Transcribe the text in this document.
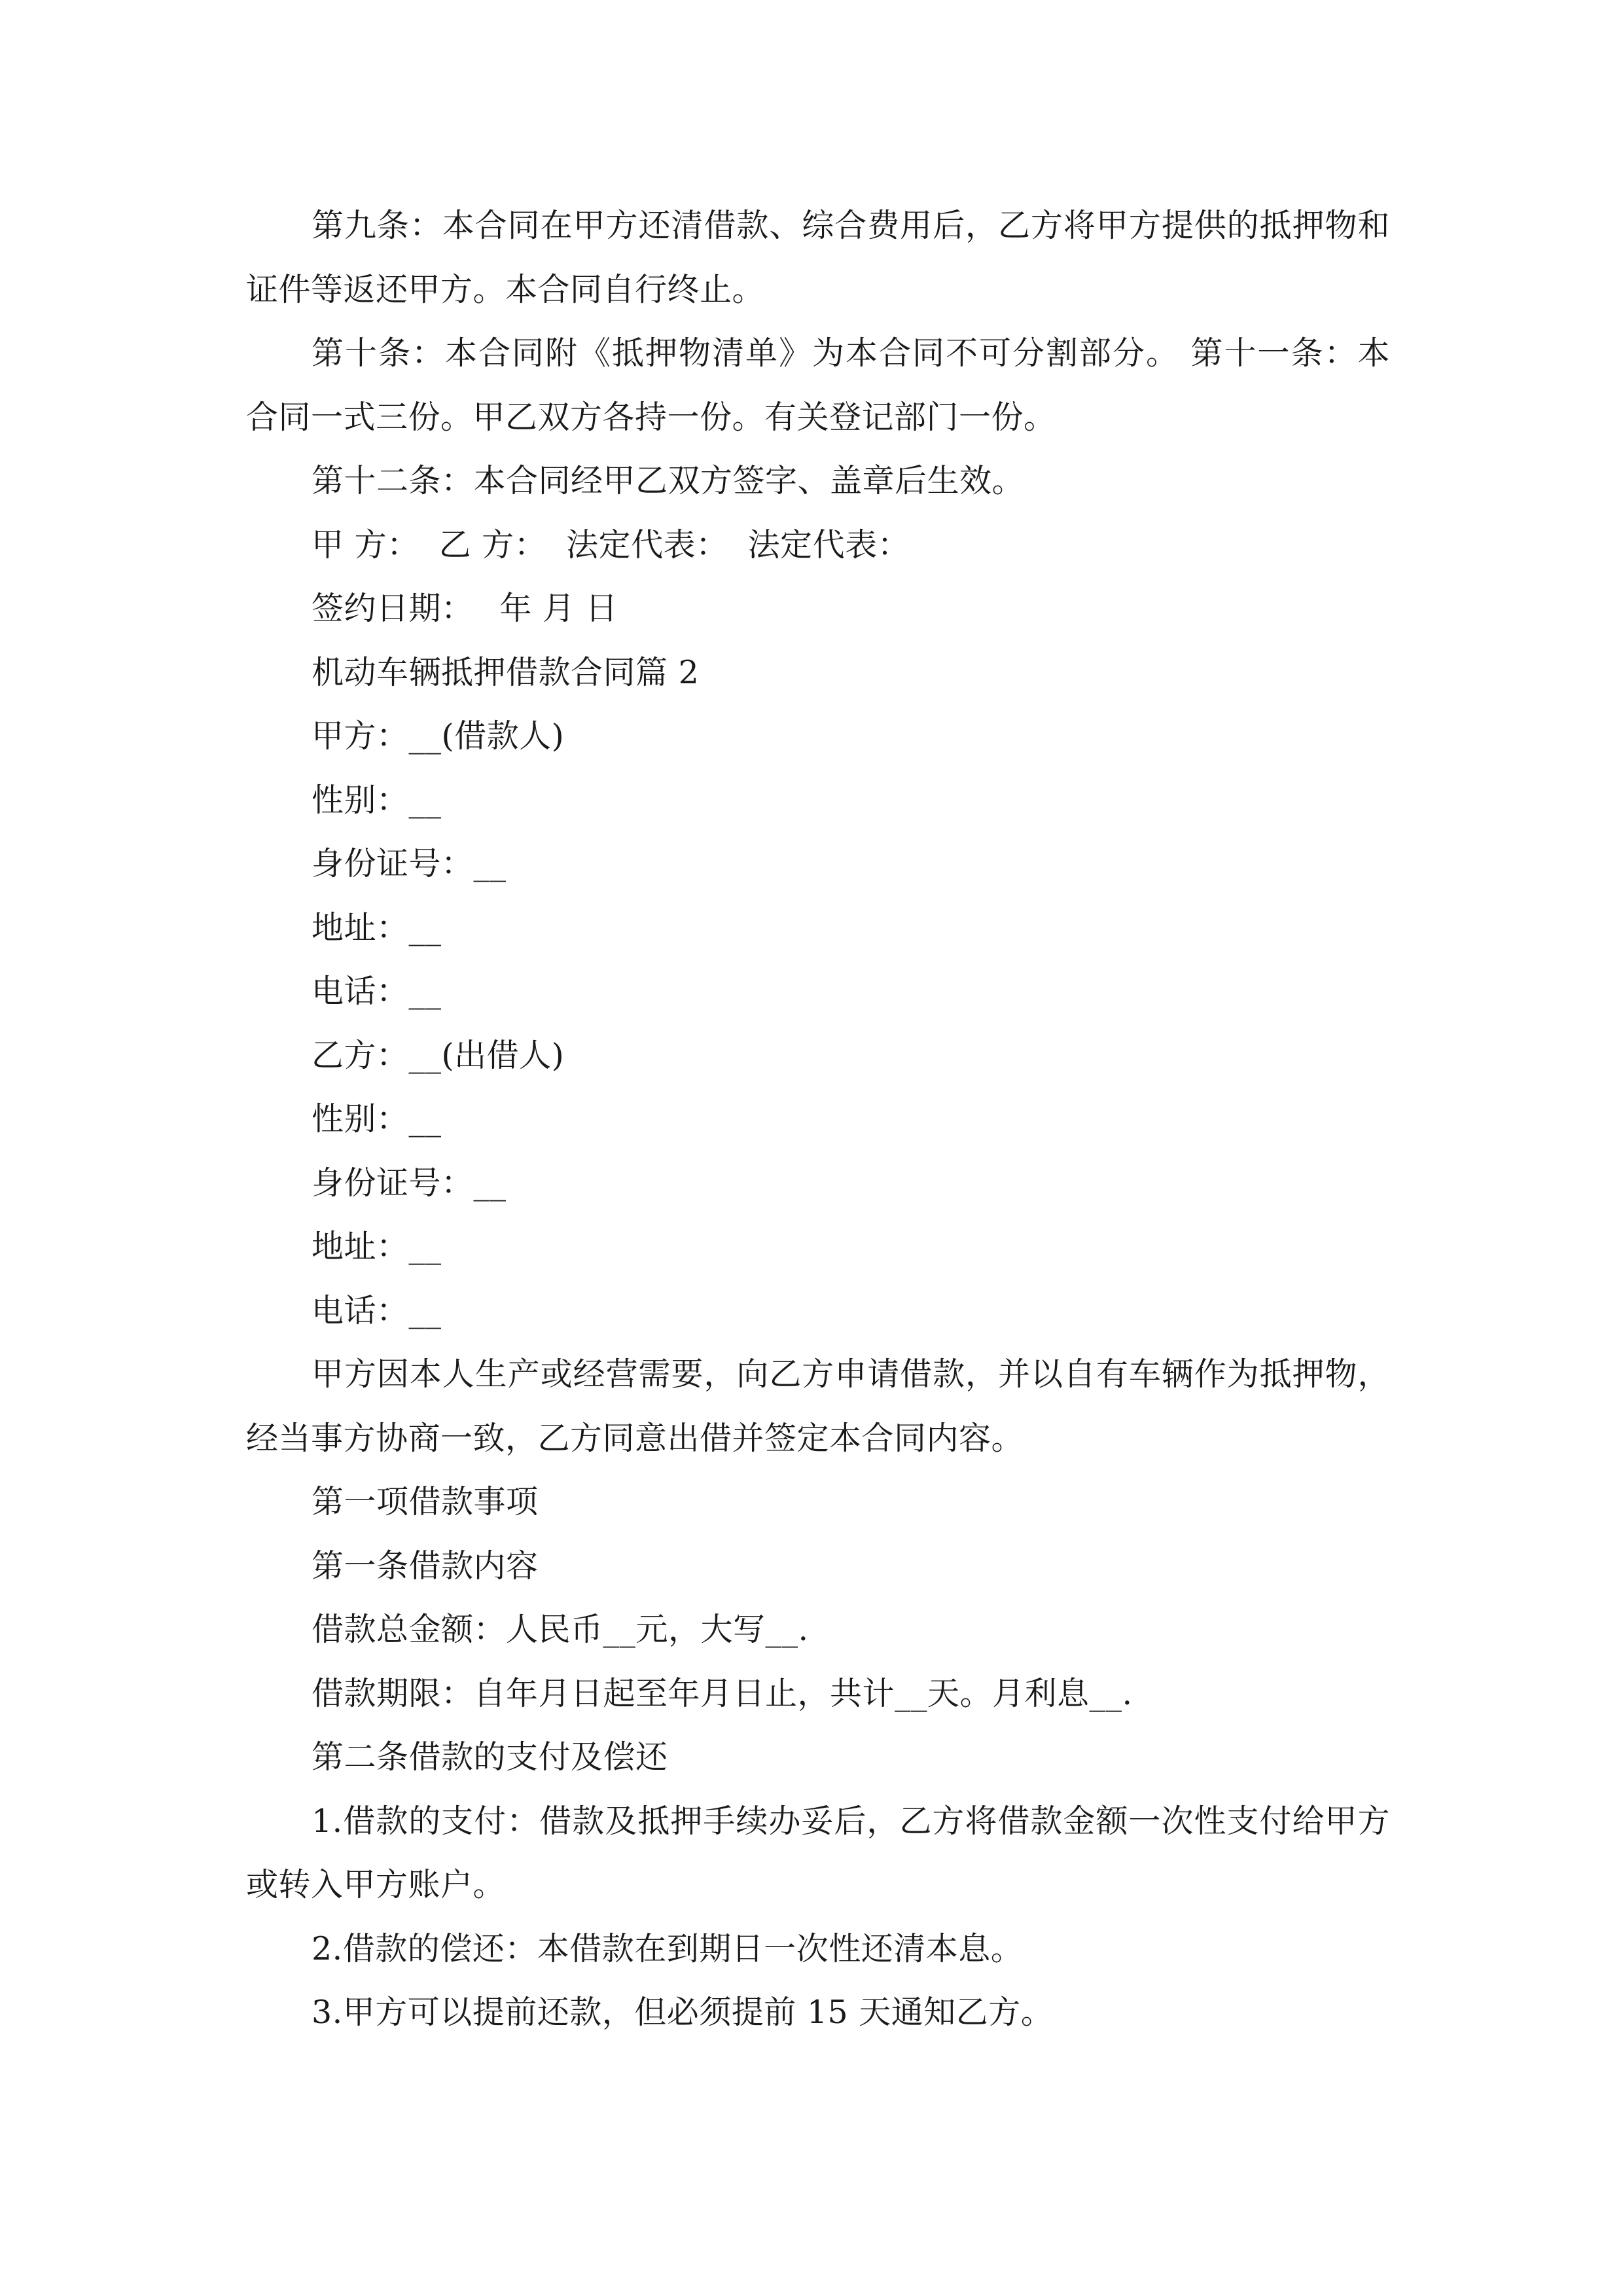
第九条：本合同在甲方还清借款、综合费用后，乙方将甲方提供的抵押物和
证件等返还甲方。本合同自行终止。
第十条：本合同附《抵押物清单》为本合同不可分割部分。 第十一条：本
合同一式三份。甲乙双方各持一份。有关登记部门一份。
第十二条：本合同经甲乙双方签字、盖章后生效。
甲 方： 乙 方： 法定代表： 法定代表：
签约日期： 年 月 日
机动车辆抵押借款合同篇 2
甲方：__(借款人)
性别：__
身份证号：__
地址：__
电话：__
乙方：__(出借人)
性别：__
身份证号：__
地址：__
电话：__
甲方因本人生产或经营需要，向乙方申请借款，并以自有车辆作为抵押物，
经当事方协商一致，乙方同意出借并签定本合同内容。
第一项借款事项
第一条借款内容
借款总金额：人民币__元，大写__.
借款期限：自年月日起至年月日止，共计__天。月利息__.
第二条借款的支付及偿还
1.借款的支付：借款及抵押手续办妥后，乙方将借款金额一次性支付给甲方
或转入甲方账户。
2.借款的偿还：本借款在到期日一次性还清本息。
3.甲方可以提前还款，但必须提前 15 天通知乙方。
